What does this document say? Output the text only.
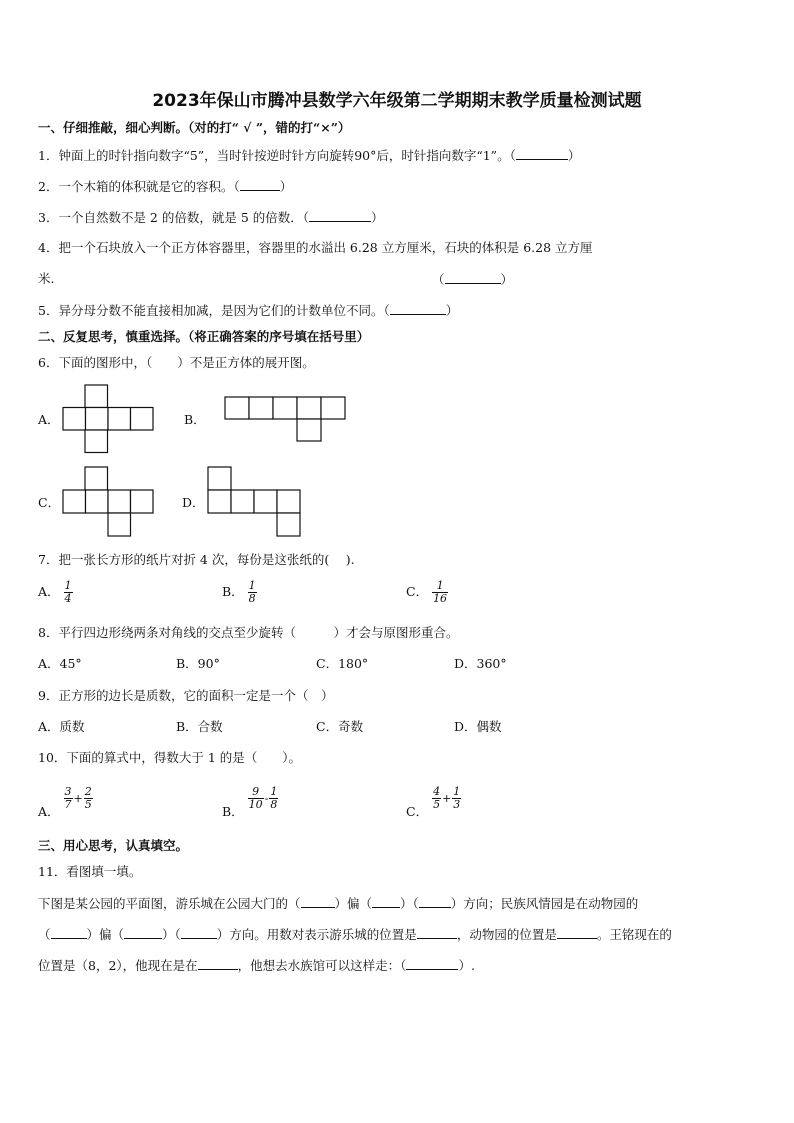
2023年保山市腾冲县数学六年级第二学期期末教学质量检测试题
一、仔细推敲，细心判断。（对的打“ √ ”，错的打“×”）
1．钟面上的时针指向数字“5”，当时针按逆时针方向旋转90°后，时针指向数字“1”。（	）
2．一个木箱的体积就是它的容积。（	）
3．一个自然数不是 2 的倍数，就是 5 的倍数．（	）
4．把一个石块放入一个正方体容器里，容器里的水溢出 6.28 立方厘米，石块的体积是 6.28 立方厘
米.	（	）
5．异分母分数不能直接相加减，是因为它们的计数单位不同。（	）
二、反复思考，慎重选择。（将正确答案的序号填在括号里）
6．下面的图形中，（　　）不是正方体的展开图。
A．	B．
C．	D．
7．把一张长方形的纸片对折 4 次，每份是这张纸的(　 ).
A． $\frac{1}{4}$	B． $\frac{1}{8}$	C． $\frac{1}{16}$
8．平行四边形绕两条对角线的交点至少旋转（　　　）才会与原图形重合。
A．45°	B．90°	C．180°	D．360°
9．正方形的边长是质数，它的面积一定是一个（　）
A．质数	B．合数	C．奇数	D．偶数
10．下面的算式中，得数大于 1 的是（　　）。
A．
$\frac{3}{7} + \frac{2}{5}$
B．
$\frac{9}{10} - \frac{1}{8}$
C．
$\frac{4}{5} + \frac{1}{3}$
三、用心思考，认真填空。
11．看图填一填。
下图是某公园的平面图，游乐城在公园大门的（	）偏（ ）（	）方向；民族风情园是在动物园的
（	）偏（	）（	）方向。用数对表示游乐城的位置是	，动物园的位置是	。王铭现在的
位置是（8，2），他现在是在	，他想去水族馆可以这样走：（	）.
